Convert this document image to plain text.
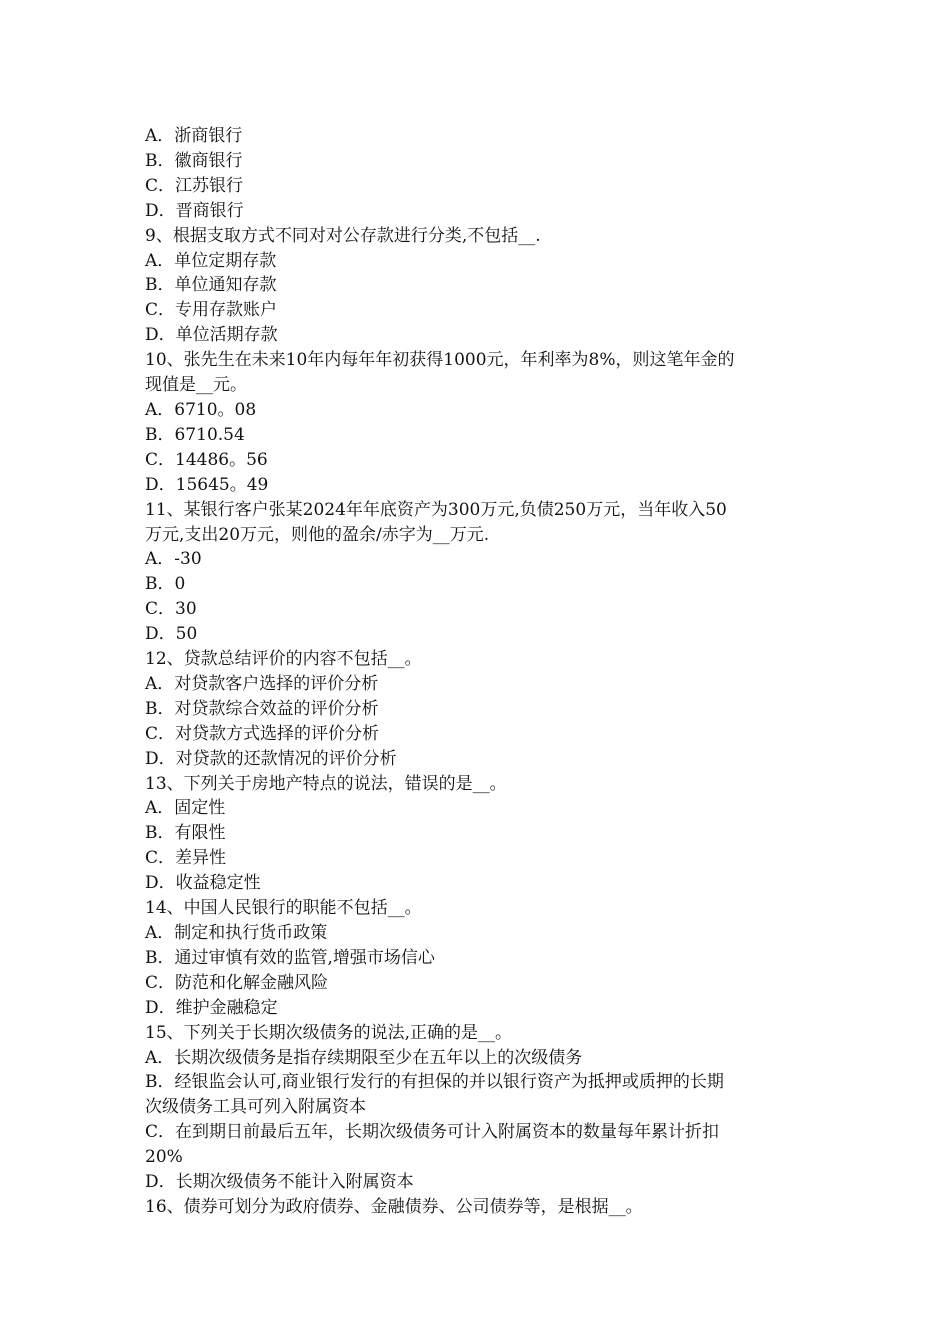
A．浙商银行
B．徽商银行
C．江苏银行
D．晋商银行
9、根据支取方式不同对对公存款进行分类,不包括__.
A．单位定期存款
B．单位通知存款
C．专用存款账户
D．单位活期存款
10、张先生在未来10年内每年年初获得1000元，年利率为8%，则这笔年金的
现值是__元。
A．6710。08
B．6710.54
C．14486。56
D．15645。49
11、某银行客户张某2024年年底资产为300万元,负债250万元，当年收入50
万元,支出20万元，则他的盈余/赤字为__万元.
A．-30
B．0
C．30
D．50
12、贷款总结评价的内容不包括__。
A．对贷款客户选择的评价分析
B．对贷款综合效益的评价分析
C．对贷款方式选择的评价分析
D．对贷款的还款情况的评价分析
13、下列关于房地产特点的说法，错误的是__。
A．固定性
B．有限性
C．差异性
D．收益稳定性
14、中国人民银行的职能不包括__。
A．制定和执行货币政策
B．通过审慎有效的监管,增强市场信心
C．防范和化解金融风险
D．维护金融稳定
15、下列关于长期次级债务的说法,正确的是__。
A．长期次级债务是指存续期限至少在五年以上的次级债务
B．经银监会认可,商业银行发行的有担保的并以银行资产为抵押或质押的长期
次级债务工具可列入附属资本
C．在到期日前最后五年，长期次级债务可计入附属资本的数量每年累计折扣
20%
D．长期次级债务不能计入附属资本
16、债券可划分为政府债券、金融债券、公司债券等，是根据__。
